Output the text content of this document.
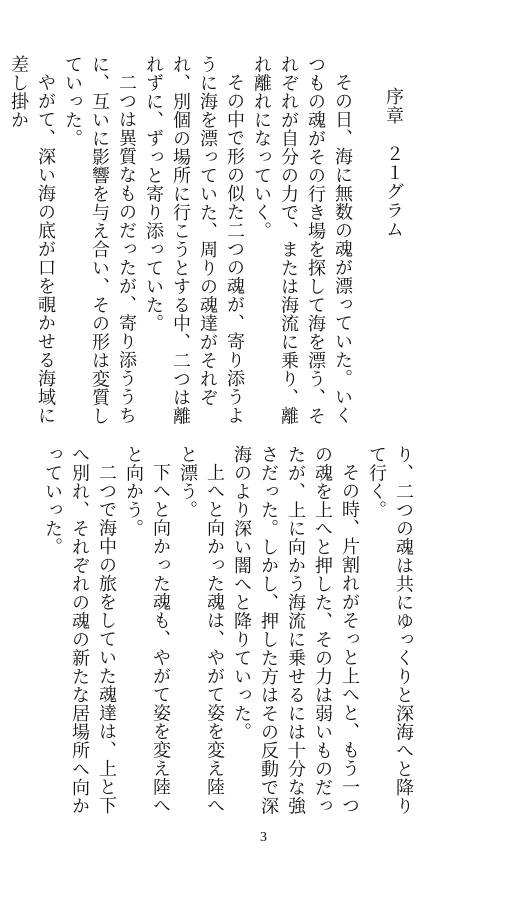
序章　２１グラム

その日、海に無数の魂が漂っていた。いくつもの魂がその行き場を探して海を漂う、それぞれが自分の力で、または海流に乗り、離れ離れになっていく。

その中で形の似た二つの魂が、寄り添うように海を漂っていた、周りの魂達がそれぞれ、別個の場所に行こうとする中、二つは離れずに、ずっと寄り添っていた。

二つは異質なものだったが、寄り添ううちに、互いに影響を与え合い、その形は変質していった。

やがて、深い海の底が口を覗かせる海域に差し掛か

り、二つの魂は共にゆっくりと深海へと降りて行く。

その時、片割れがそっと上へと、もう一つの魂を上へと押した、その力は弱いものだったが、上に向かう海流に乗せるには十分な強さだった。しかし、押した方はその反動で深海のより深い闇へと降りていった。

上へと向かった魂は、やがて姿を変え陸へと漂う。

下へと向かった魂も、やがて姿を変え陸へと向かう。

二つで海中の旅をしていた魂達は、上と下へ別れ、それぞれの魂の新たな居場所へ向かっていった。

3
